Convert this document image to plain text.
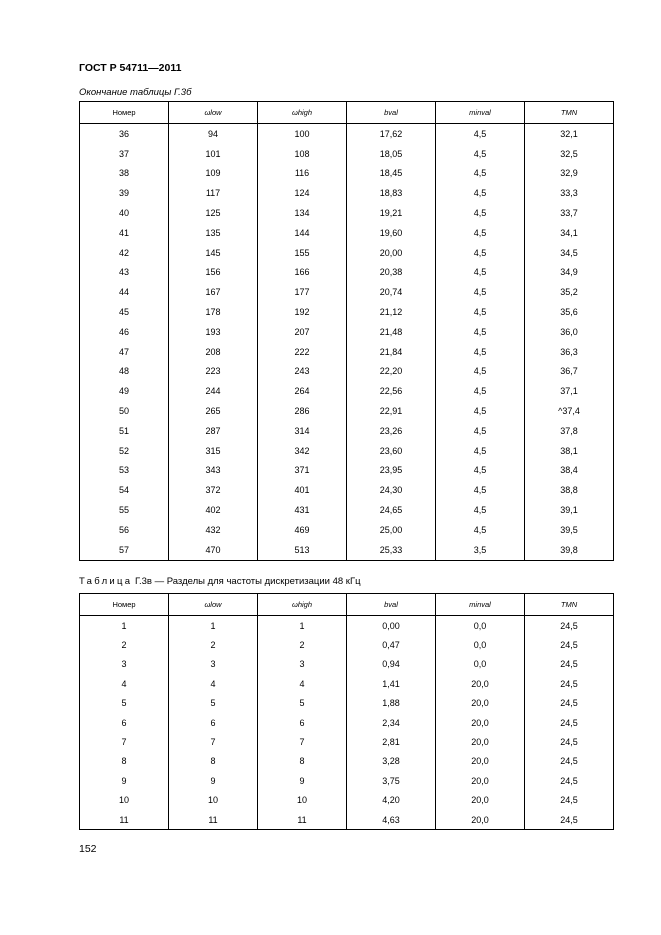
ГОСТ Р 54711—2011
Окончание таблицы Г.3б
Номер	ωlow	ωhigh	bval	minval	TMN
36	94	100	17,62	4,5	32,1
37	101	108	18,05	4,5	32,5
38	109	116	18,45	4,5	32,9
39	117	124	18,83	4,5	33,3
40	125	134	19,21	4,5	33,7
41	135	144	19,60	4,5	34,1
42	145	155	20,00	4,5	34,5
43	156	166	20,38	4,5	34,9
44	167	177	20,74	4,5	35,2
45	178	192	21,12	4,5	35,6
46	193	207	21,48	4,5	36,0
47	208	222	21,84	4,5	36,3
48	223	243	22,20	4,5	36,7
49	244	264	22,56	4,5	37,1
50	265	286	22,91	4,5	^37,4
51	287	314	23,26	4,5	37,8
52	315	342	23,60	4,5	38,1
53	343	371	23,95	4,5	38,4
54	372	401	24,30	4,5	38,8
55	402	431	24,65	4,5	39,1
56	432	469	25,00	4,5	39,5
57	470	513	25,33	3,5	39,8
Таблица Г.3в — Разделы для частоты дискретизации 48 кГц
Номер	ωlow	ωhigh	bval	minval	TMN
1	1	1	0,00	0,0	24,5
2	2	2	0,47	0,0	24,5
3	3	3	0,94	0,0	24,5
4	4	4	1,41	20,0	24,5
5	5	5	1,88	20,0	24,5
6	6	6	2,34	20,0	24,5
7	7	7	2,81	20,0	24,5
8	8	8	3,28	20,0	24,5
9	9	9	3,75	20,0	24,5
10	10	10	4,20	20,0	24,5
11	11	11	4,63	20,0	24,5
152
